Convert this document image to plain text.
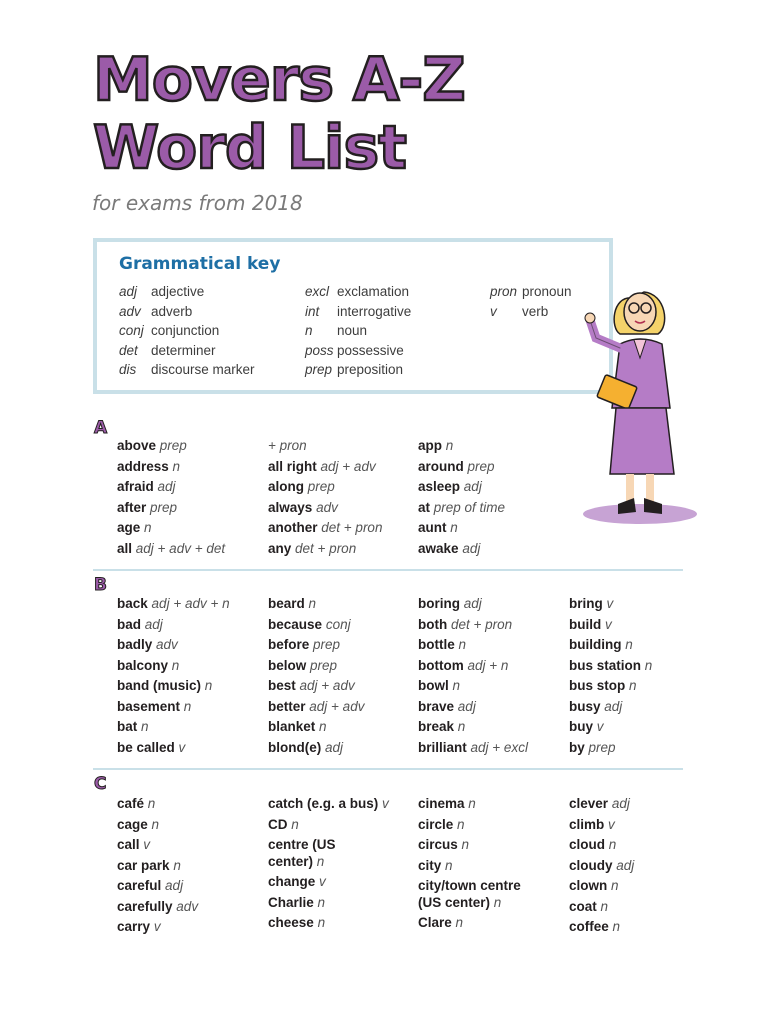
Movers A-Z
Word List

for exams from 2018

Grammatical key
adj adjective
adv adverb
conj conjunction
det determiner
dis discourse marker
excl exclamation
int interrogative
n noun
poss possessive
prep preposition
pron pronoun
v verb
A
above prep
address n
afraid adj
after prep
age n
all adj + adv + det
+ pron
all right adj + adv
along prep
always adv
another det + pron
any det + pron
app n
around prep
asleep adj
at prep of time
aunt n
awake adj
B
back adj + adv + n
bad adj
badly adv
balcony n
band (music) n
basement n
bat n
be called v
beard n
because conj
before prep
below prep
best adj + adv
better adj + adv
blanket n
blond(e) adj
boring adj
both det + pron
bottle n
bottom adj + n
bowl n
brave adj
break n
brilliant adj + excl
bring v
build v
building n
bus station n
bus stop n
busy adj
buy v
by prep
C
café n
cage n
call v
car park n
careful adj
carefully adv
carry v
catch (e.g. a bus) v
CD n
centre (US center) n
change v
Charlie n
cheese n
cinema n
circle n
circus n
city n
city/town centre (US center) n
Clare n
clever adj
climb v
cloud n
cloudy adj
clown n
coat n
coffee n
